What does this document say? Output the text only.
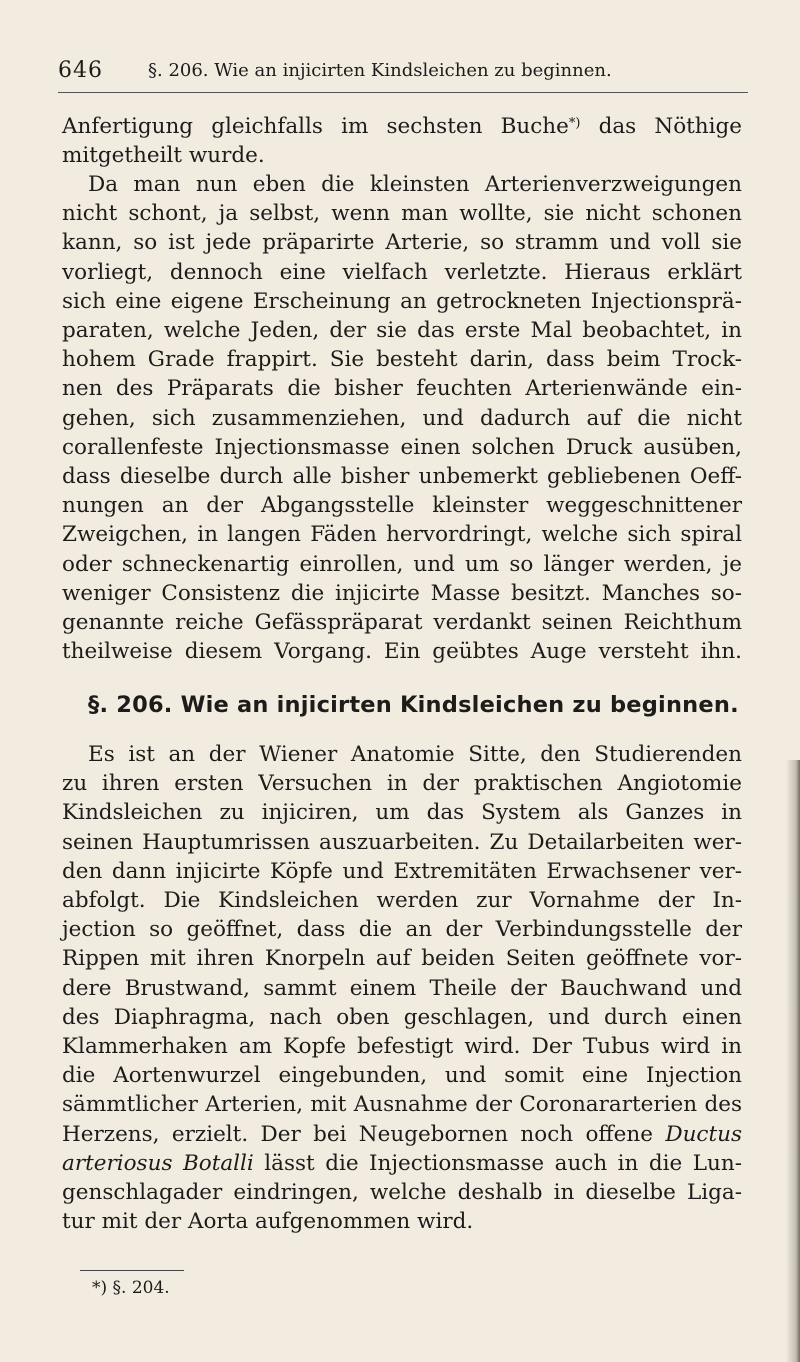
646	§. 206. Wie an injicirten Kindsleichen zu beginnen.
Anfertigung gleichfalls im sechsten Buche*) das Nöthige
mitgetheilt wurde.
Da man nun eben die kleinsten Arterienverzweigungen
nicht schont, ja selbst, wenn man wollte, sie nicht schonen
kann, so ist jede präparirte Arterie, so stramm und voll sie
vorliegt, dennoch eine vielfach verletzte. Hieraus erklärt
sich eine eigene Erscheinung an getrockneten Injectionsprä-
paraten, welche Jeden, der sie das erste Mal beobachtet, in
hohem Grade frappirt. Sie besteht darin, dass beim Trock-
nen des Präparats die bisher feuchten Arterienwände ein-
gehen, sich zusammenziehen, und dadurch auf die nicht
corallenfeste Injectionsmasse einen solchen Druck ausüben,
dass dieselbe durch alle bisher unbemerkt gebliebenen Oeff-
nungen an der Abgangsstelle kleinster weggeschnittener
Zweigchen, in langen Fäden hervordringt, welche sich spiral
oder schneckenartig einrollen, und um so länger werden, je
weniger Consistenz die injicirte Masse besitzt. Manches so-
genannte reiche Gefässpräparat verdankt seinen Reichthum
theilweise diesem Vorgang. Ein geübtes Auge versteht ihn.
§. 206. Wie an injicirten Kindsleichen zu beginnen.
Es ist an der Wiener Anatomie Sitte, den Studierenden
zu ihren ersten Versuchen in der praktischen Angiotomie
Kindsleichen zu injiciren, um das System als Ganzes in
seinen Hauptumrissen auszuarbeiten. Zu Detailarbeiten wer-
den dann injicirte Köpfe und Extremitäten Erwachsener ver-
abfolgt. Die Kindsleichen werden zur Vornahme der In-
jection so geöffnet, dass die an der Verbindungsstelle der
Rippen mit ihren Knorpeln auf beiden Seiten geöffnete vor-
dere Brustwand, sammt einem Theile der Bauchwand und
des Diaphragma, nach oben geschlagen, und durch einen
Klammerhaken am Kopfe befestigt wird. Der Tubus wird in
die Aortenwurzel eingebunden, und somit eine Injection
sämmtlicher Arterien, mit Ausnahme der Coronararterien des
Herzens, erzielt. Der bei Neugebornen noch offene Ductus
arteriosus Botalli lässt die Injectionsmasse auch in die Lun-
genschlagader eindringen, welche deshalb in dieselbe Liga-
tur mit der Aorta aufgenommen wird.
*) §. 204.
